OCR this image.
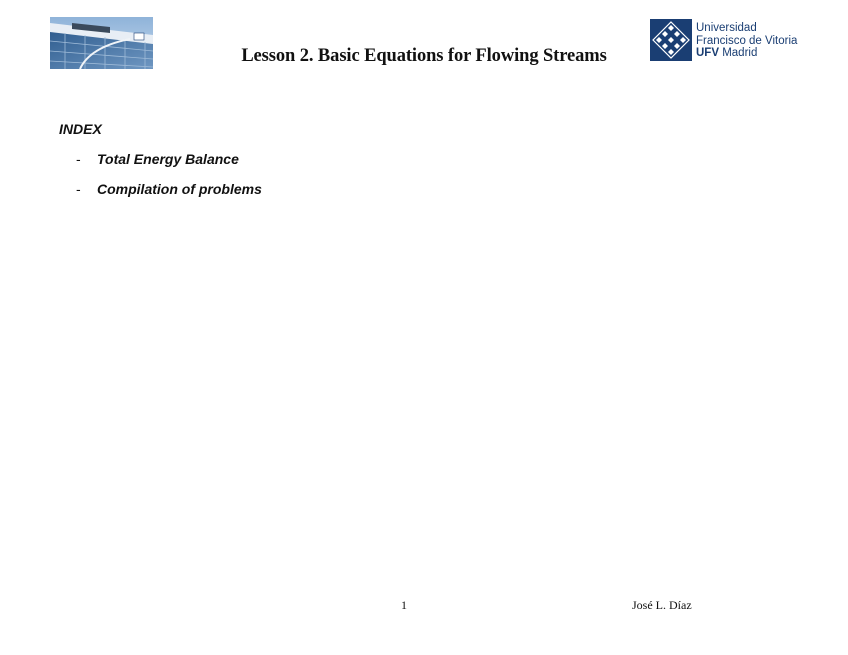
Lesson 2. Basic Equations for Flowing Streams
Universidad
Francisco de Vitoria
UFV Madrid
INDEX
- Total Energy Balance
- Compilation of problems
1	José L. Díaz
